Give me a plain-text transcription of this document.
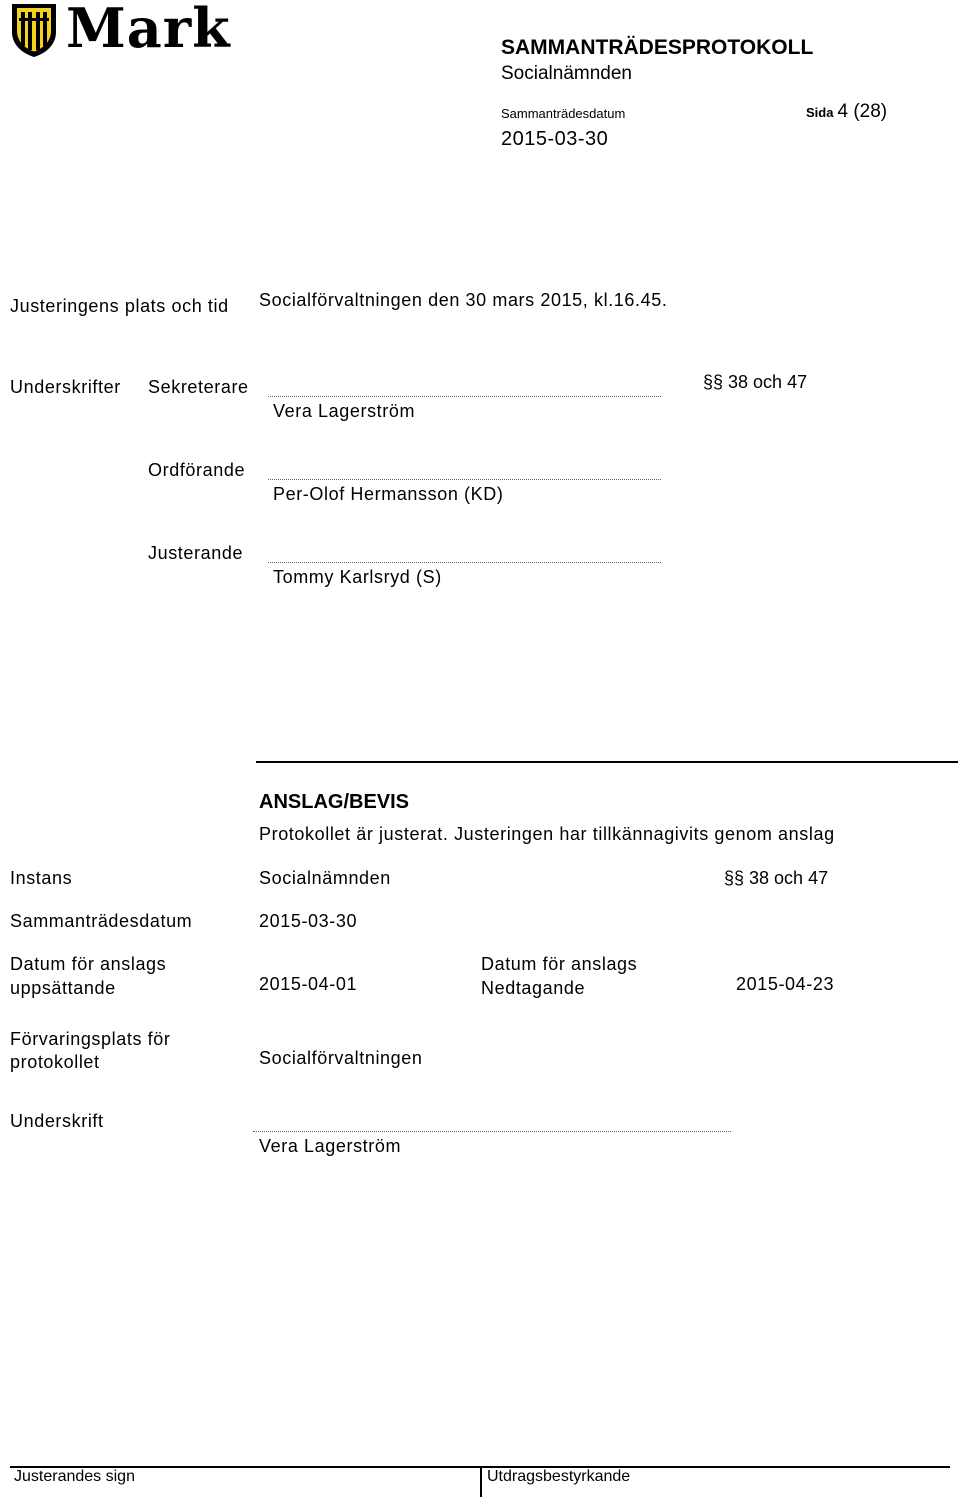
Mark	SAMMANTRÄDESPROTOKOLL
Socialnämnden
Sammanträdesdatum
2015-03-30
Sida 4 (28)
Justeringens plats och tid	Socialförvaltningen den 30 mars 2015, kl.16.45.
Underskrifter Sekreterare
Vera Lagerström
§§ 38 och 47
Ordförande
Per-Olof Hermansson (KD)
Justerande
Tommy Karlsryd (S)
ANSLAG/BEVIS
Protokollet är justerat. Justeringen har tillkännagivits genom anslag
Instans	Socialnämnden	§§ 38 och 47
Sammanträdesdatum	2015-03-30
Datum för anslags
uppsättande	2015-04-01
Datum för anslags
Nedtagande	2015-04-23
Förvaringsplats för
protokollet	Socialförvaltningen
Underskrift
Vera Lagerström
Justerandes sign	Utdragsbestyrkande
